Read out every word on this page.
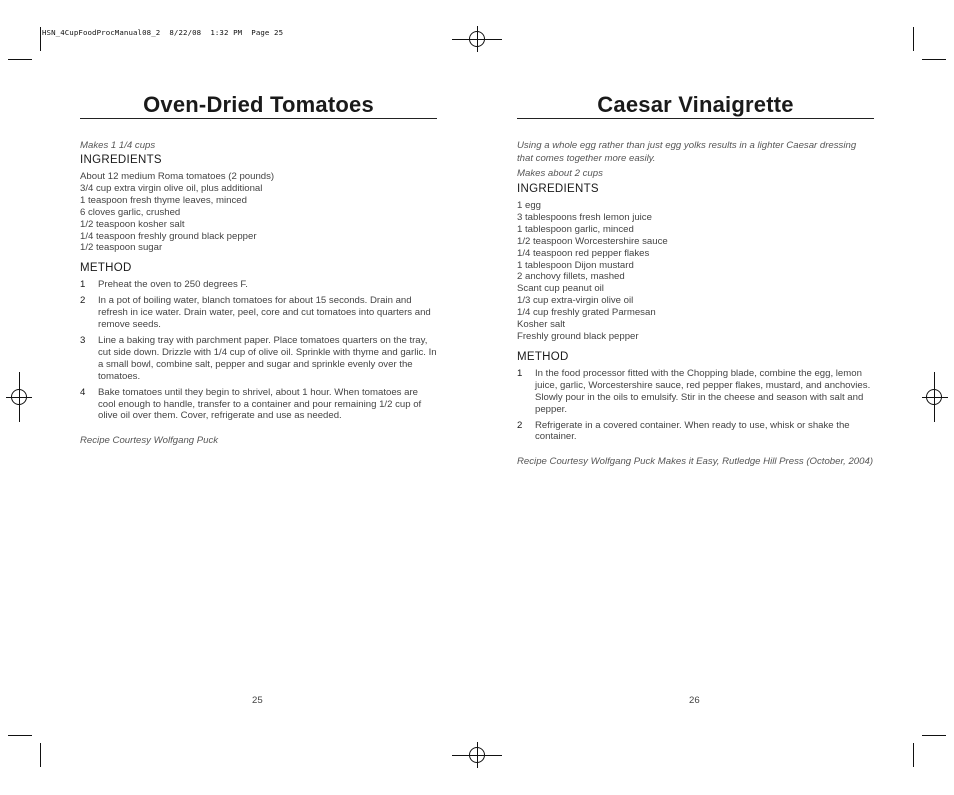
HSN_4CupFoodProcManual08_2  8/22/08  1:32 PM  Page 25
Oven-Dried Tomatoes

Makes 1 1/4 cups

INGREDIENTS

About 12 medium Roma tomatoes (2 pounds)
3/4 cup extra virgin olive oil, plus additional
1 teaspoon fresh thyme leaves, minced
6 cloves garlic, crushed
1/2 teaspoon kosher salt
1/4 teaspoon freshly ground black pepper
1/2 teaspoon sugar

METHOD

1	Preheat the oven to 250 degrees F.
2	In a pot of boiling water, blanch tomatoes for about 15 seconds. Drain and refresh in ice water. Drain water, peel, core and cut tomatoes into quarters and remove seeds.
3	Line a baking tray with parchment paper. Place tomatoes quarters on the tray, cut side down. Drizzle with 1/4 cup of olive oil. Sprinkle with thyme and garlic. In a small bowl, combine salt, pepper and sugar and sprinkle evenly over the tomatoes.
4	Bake tomatoes until they begin to shrivel, about 1 hour. When tomatoes are cool enough to handle, transfer to a container and pour remaining 1/2 cup of olive oil over them. Cover, refrigerate and use as needed.

Recipe Courtesy Wolfgang Puck

25
Caesar Vinaigrette

Using a whole egg rather than just egg yolks results in a lighter Caesar dressing that comes together more easily.

Makes about 2 cups

INGREDIENTS

1 egg
3 tablespoons fresh lemon juice
1 tablespoon garlic, minced
1/2 teaspoon Worcestershire sauce
1/4 teaspoon red pepper flakes
1 tablespoon Dijon mustard
2 anchovy fillets, mashed
Scant cup peanut oil
1/3 cup extra-virgin olive oil
1/4 cup freshly grated Parmesan
Kosher salt
Freshly ground black pepper

METHOD

1	In the food processor fitted with the Chopping blade, combine the egg, lemon juice, garlic, Worcestershire sauce, red pepper flakes, mustard, and anchovies. Slowly pour in the oils to emulsify. Stir in the cheese and season with salt and pepper.
2	Refrigerate in a covered container. When ready to use, whisk or shake the container.

Recipe Courtesy Wolfgang Puck Makes it Easy, Rutledge Hill Press (October, 2004)

26
